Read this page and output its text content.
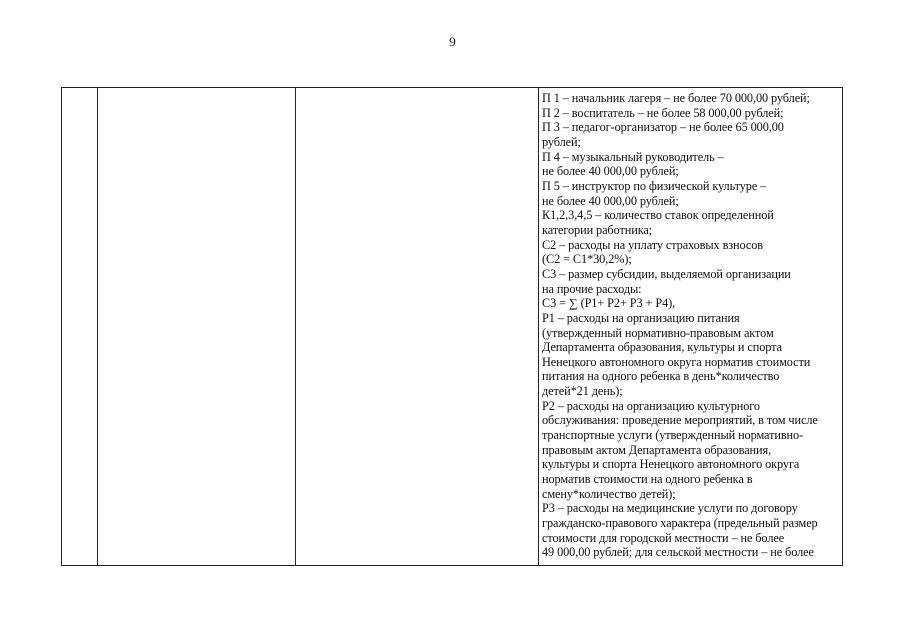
9

П 1 – начальник лагеря – не более 70 000,00 рублей;
П 2 – воспитатель – не более 58 000,00 рублей;
П 3 – педагог-организатор – не более 65 000,00
рублей;
П 4 – музыкальный руководитель –
не более 40 000,00 рублей;
П 5 – инструктор по физической культуре –
не более 40 000,00 рублей;
К1,2,3,4,5 – количество ставок определенной
категории работника;
С2 – расходы на уплату страховых взносов
(С2 = С1*30,2%);
С3 – размер субсидии, выделяемой организации
на прочие расходы:
С3 = ∑ (Р1+ Р2+ Р3 + Р4),
Р1 – расходы на организацию питания
(утвержденный нормативно-правовым актом
Департамента образования, культуры и спорта
Ненецкого автономного округа норматив стоимости
питания на одного ребенка в день*количество
детей*21 день);
Р2 – расходы на организацию культурного
обслуживания: проведение мероприятий, в том числе
транспортные услуги (утвержденный нормативно-
правовым актом Департамента образования,
культуры и спорта Ненецкого автономного округа
норматив стоимости на одного ребенка в
смену*количество детей);
Р3 – расходы на медицинские услуги по договору
гражданско-правового характера (предельный размер
стоимости для городской местности – не более
49 000,00 рублей; для сельской местности – не более
